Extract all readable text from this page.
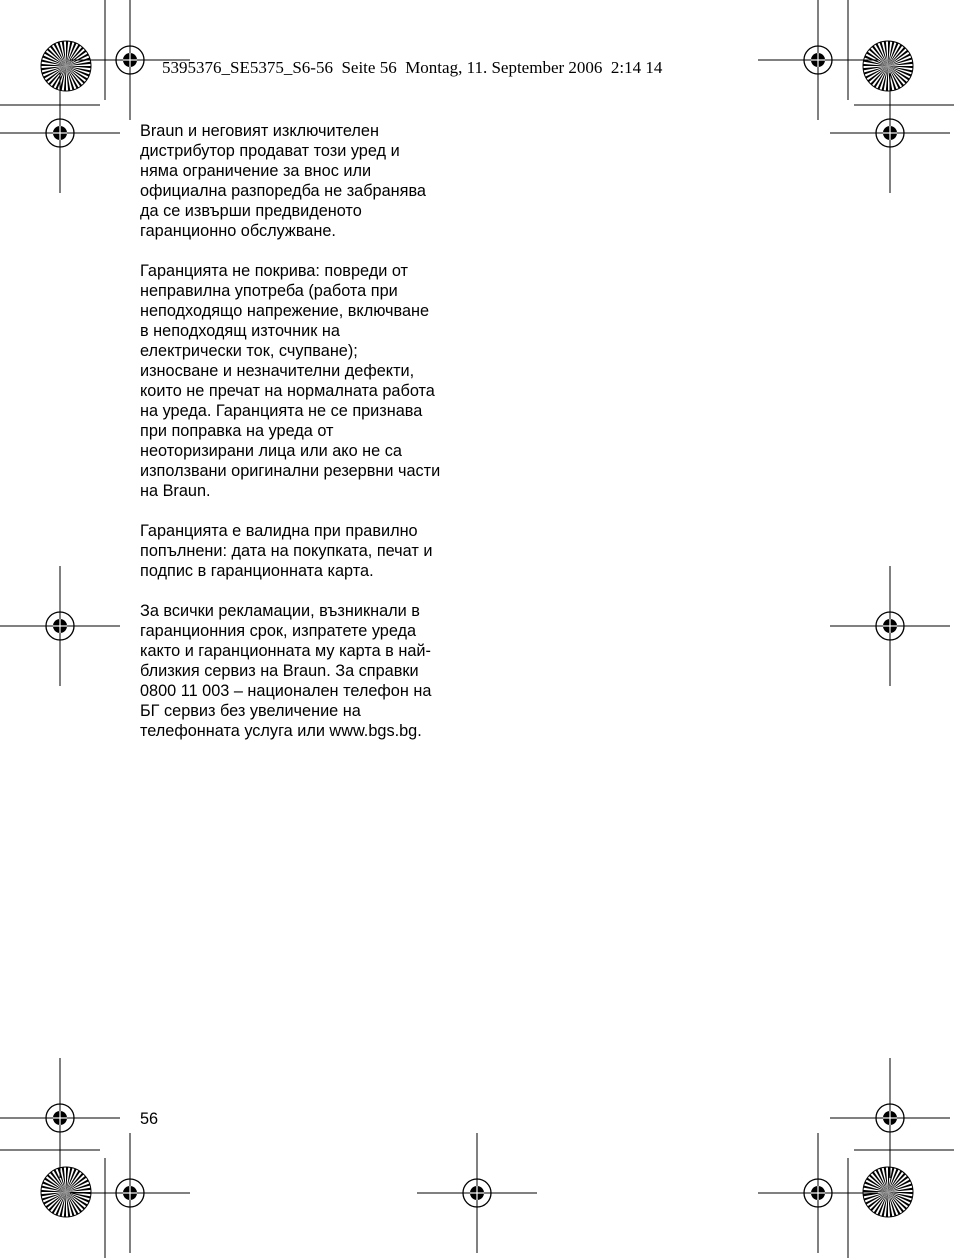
5395376_SE5375_S6-56  Seite 56  Montag, 11. September 2006  2:14 14

Braun и неговият изключителен
дистрибутор продават този уред и
няма ограничение за внос или
официална разпоредба не забранява
да се извърши предвиденото
гаранционно обслужване.

Гаранцията не покрива: повреди от
неправилна употреба (работа при
неподходящо напрежение, включване
в неподходящ източник на
електрически ток, счупване);
износване и незначителни дефекти,
които не пречат на нормалната работа
на уреда. Гаранцията не се признава
при поправка на уреда от
неоторизирани лица или ако не са
използвани оригинални резервни части
на Braun.

Гаранцията е валидна при правилно
попълнени: дата на покупката, печат и
подпис в гаранционната карта.

За всички рекламации, възникнали в
гаранционния срок, изпратете уреда
както и гаранционната му карта в най-
близкия сервиз на Braun. За справки
0800 11 003 – национален телефон на
БГ сервиз без увеличение на
телефонната услуга или www.bgs.bg.

56
